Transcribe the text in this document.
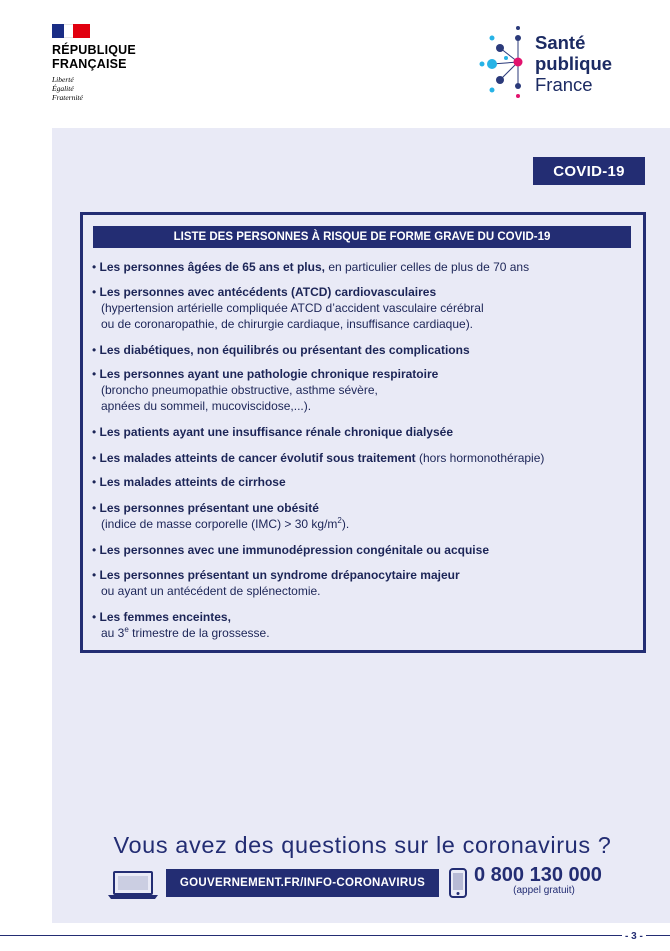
RÉPUBLIQUE
FRANÇAISE
Liberté
Égalité
Fraternité
Santé
publique
France
COVID-19
LISTE DES PERSONNES À RISQUE DE FORME GRAVE DU COVID-19
• Les personnes âgées de 65 ans et plus, en particulier celles de plus de 70 ans
• Les personnes avec antécédents (ATCD) cardiovasculaires
(hypertension artérielle compliquée ATCD d’accident vasculaire cérébral
ou de coronaropathie, de chirurgie cardiaque, insuffisance cardiaque).
• Les diabétiques, non équilibrés ou présentant des complications
• Les personnes ayant une pathologie chronique respiratoire
(broncho pneumopathie obstructive, asthme sévère,
apnées du sommeil, mucoviscidose,...).
• Les patients ayant une insuffisance rénale chronique dialysée
• Les malades atteints de cancer évolutif sous traitement (hors hormonothérapie)
• Les malades atteints de cirrhose
• Les personnes présentant une obésité
(indice de masse corporelle (IMC) > 30 $kg/m^2$).
• Les personnes avec une immunodépression congénitale ou acquise
• Les personnes présentant un syndrome drépanocytaire majeur
ou ayant un antécédent de splénectomie.
• Les femmes enceintes,
au 3e trimestre de la grossesse.
Vous avez des questions sur le coronavirus ?
GOUVERNEMENT.FR/INFO-CORONAVIRUS	0 800 130 000
(appel gratuit)
- 3 -
